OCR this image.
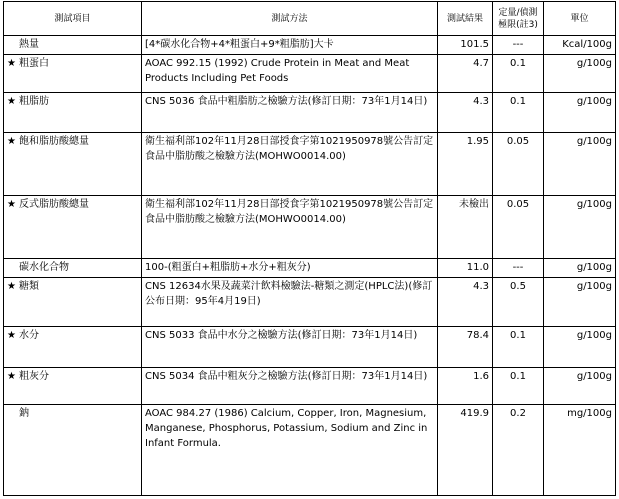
測試項目	測試方法	測試結果	定量/偵測極限(註3)	單位
熱量	[4*碳水化合物+4*粗蛋白+9*粗脂肪]大卡	101.5	---	Kcal/100g
★ 粗蛋白	AOAC 992.15 (1992) Crude Protein in Meat and Meat Products Including Pet Foods	4.7	0.1	g/100g
★ 粗脂肪	CNS 5036 食品中粗脂肪之檢驗方法(修訂日期：73年1月14日)	4.3	0.1	g/100g
★ 飽和脂肪酸總量	衛生福利部102年11月28日部授食字第1021950978號公告訂定食品中脂肪酸之檢驗方法(MOHWO0014.00)	1.95	0.05	g/100g
★ 反式脂肪酸總量	衛生福利部102年11月28日部授食字第1021950978號公告訂定食品中脂肪酸之檢驗方法(MOHWO0014.00)	未檢出	0.05	g/100g
碳水化合物	100-(粗蛋白+粗脂肪+水分+粗灰分)	11.0	---	g/100g
★ 糖類	CNS 12634水果及蔬菜汁飲料檢驗法-糖類之測定(HPLC法)(修訂公布日期：95年4月19日)	4.3	0.5	g/100g
★ 水分	CNS 5033 食品中水分之檢驗方法(修訂日期：73年1月14日)	78.4	0.1	g/100g
★ 粗灰分	CNS 5034 食品中粗灰分之檢驗方法(修訂日期：73年1月14日)	1.6	0.1	g/100g
鈉	AOAC 984.27 (1986) Calcium, Copper, Iron, Magnesium, Manganese, Phosphorus, Potassium, Sodium and Zinc in Infant Formula.	419.9	0.2	mg/100g
